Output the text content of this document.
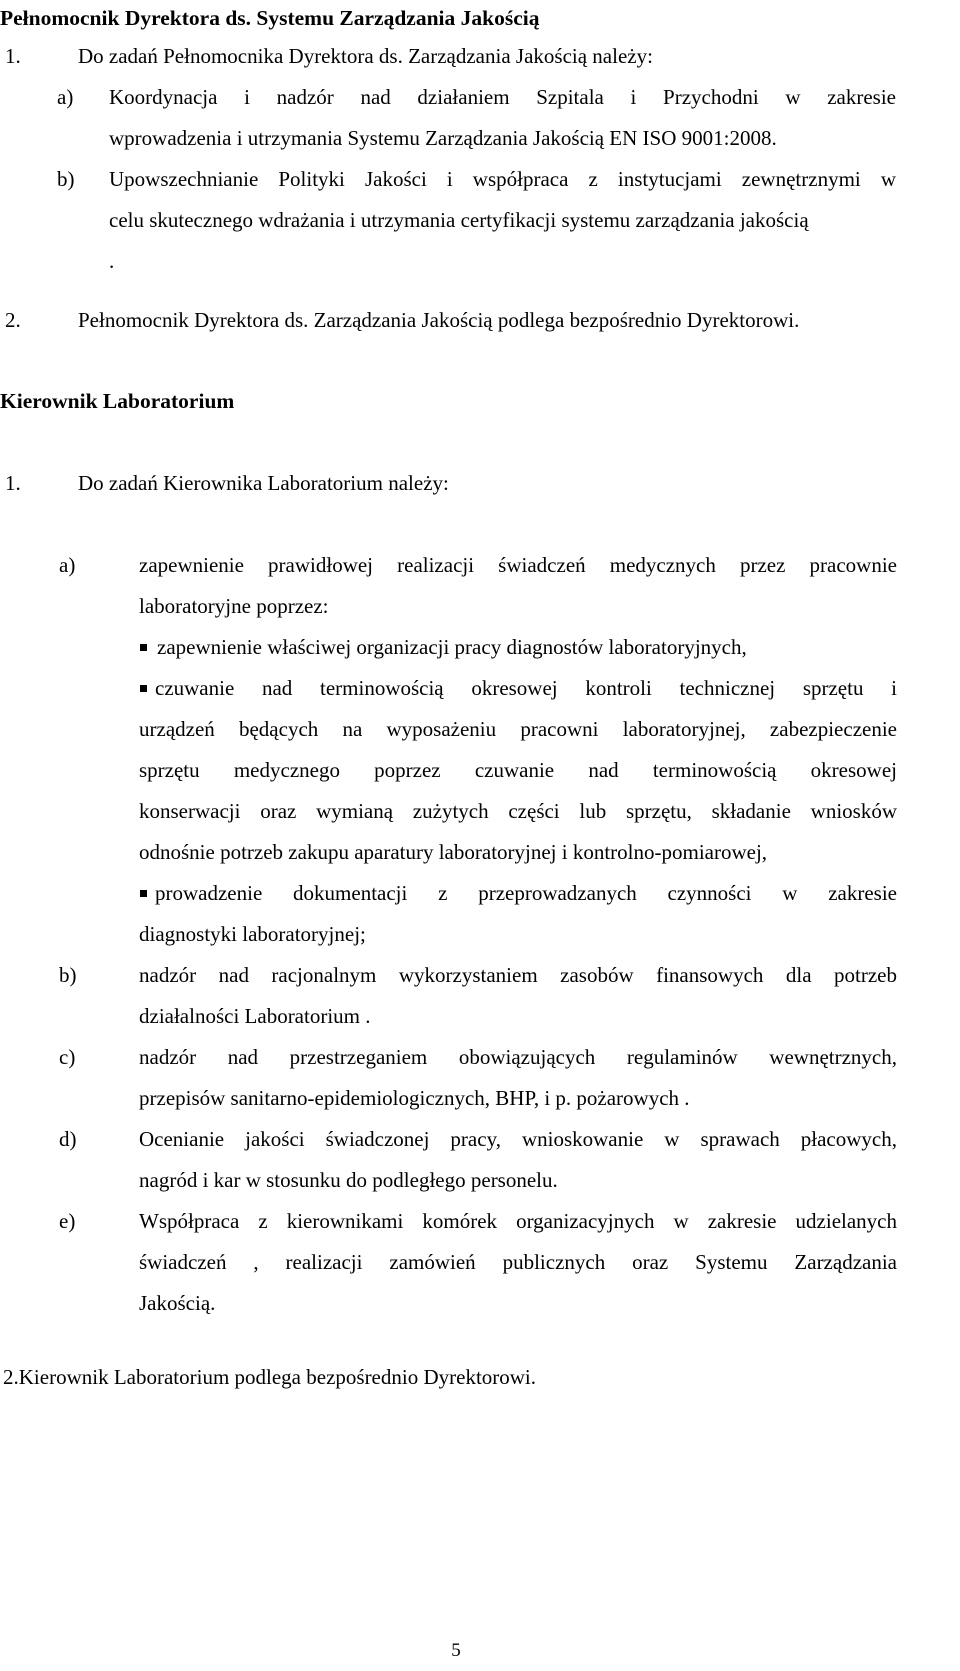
Pełnomocnik Dyrektora ds. Systemu Zarządzania Jakością
1.	Do zadań Pełnomocnika Dyrektora ds. Zarządzania Jakością należy:
a) Koordynacja i nadzór nad działaniem Szpitala i Przychodni w zakresie
wprowadzenia i utrzymania Systemu Zarządzania Jakością EN ISO 9001:2008.
b) Upowszechnianie Polityki Jakości i współpraca z instytucjami zewnętrznymi w
celu skutecznego wdrażania i utrzymania certyfikacji systemu zarządzania jakością
.
2.	Pełnomocnik Dyrektora ds. Zarządzania Jakością podlega bezpośrednio Dyrektorowi.
Kierownik Laboratorium
1.	Do zadań Kierownika Laboratorium należy:
a)	zapewnienie prawidłowej realizacji świadczeń medycznych przez pracownie
laboratoryjne poprzez:
zapewnienie właściwej organizacji pracy diagnostów laboratoryjnych,
czuwanie nad terminowością okresowej kontroli technicznej sprzętu i
urządzeń będących na wyposażeniu pracowni laboratoryjnej, zabezpieczenie
sprzętu medycznego poprzez czuwanie nad terminowością okresowej
konserwacji oraz wymianą zużytych części lub sprzętu, składanie wniosków
odnośnie potrzeb zakupu aparatury laboratoryjnej i kontrolno-pomiarowej,
prowadzenie dokumentacji z przeprowadzanych czynności w zakresie
diagnostyki laboratoryjnej;
b)	nadzór nad racjonalnym wykorzystaniem zasobów finansowych dla potrzeb
działalności Laboratorium .
c)	nadzór nad przestrzeganiem obowiązujących regulaminów wewnętrznych,
przepisów sanitarno-epidemiologicznych, BHP, i p. pożarowych .
d)	Ocenianie jakości świadczonej pracy, wnioskowanie w sprawach płacowych,
nagród i kar w stosunku do podległego personelu.
e)	Współpraca z kierownikami komórek organizacyjnych w zakresie udzielanych
świadczeń , realizacji zamówień publicznych oraz Systemu Zarządzania
Jakością.
2.Kierownik Laboratorium podlega bezpośrednio Dyrektorowi.
5
